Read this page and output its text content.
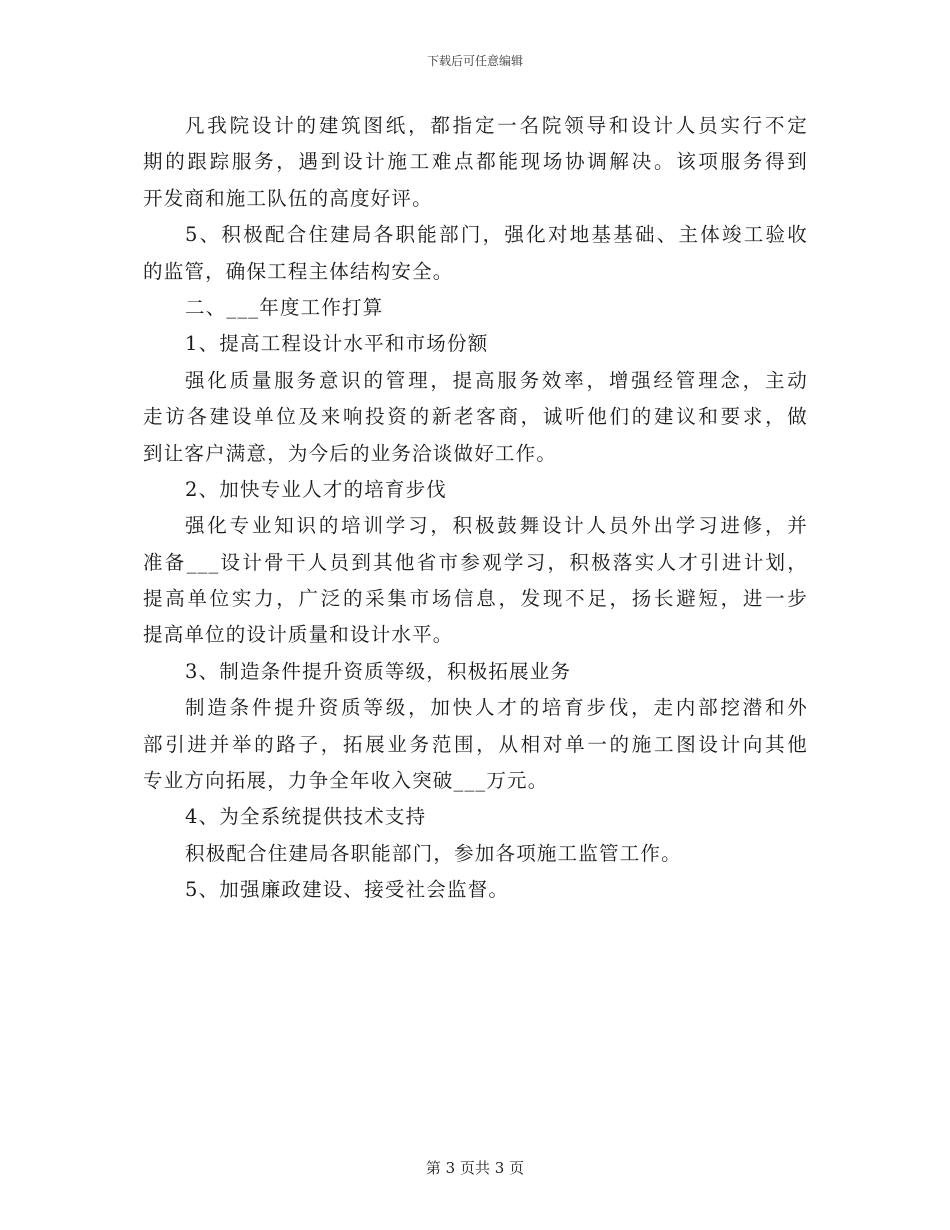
下载后可任意编辑
凡我院设计的建筑图纸，都指定一名院领导和设计人员实行不定
期的跟踪服务，遇到设计施工难点都能现场协调解决。该项服务得到
开发商和施工队伍的高度好评。
5、积极配合住建局各职能部门，强化对地基基础、主体竣工验收
的监管，确保工程主体结构安全。
二、___年度工作打算
1、提高工程设计水平和市场份额
强化质量服务意识的管理，提高服务效率，增强经管理念，主动
走访各建设单位及来响投资的新老客商，诚听他们的建议和要求，做
到让客户满意，为今后的业务洽谈做好工作。
2、加快专业人才的培育步伐
强化专业知识的培训学习，积极鼓舞设计人员外出学习进修，并
准备___设计骨干人员到其他省市参观学习，积极落实人才引进计划，
提高单位实力，广泛的采集市场信息，发现不足，扬长避短，进一步
提高单位的设计质量和设计水平。
3、制造条件提升资质等级，积极拓展业务
制造条件提升资质等级，加快人才的培育步伐，走内部挖潜和外
部引进并举的路子，拓展业务范围，从相对单一的施工图设计向其他
专业方向拓展，力争全年收入突破___万元。
4、为全系统提供技术支持
积极配合住建局各职能部门，参加各项施工监管工作。
5、加强廉政建设、接受社会监督。
第 3 页共 3 页
